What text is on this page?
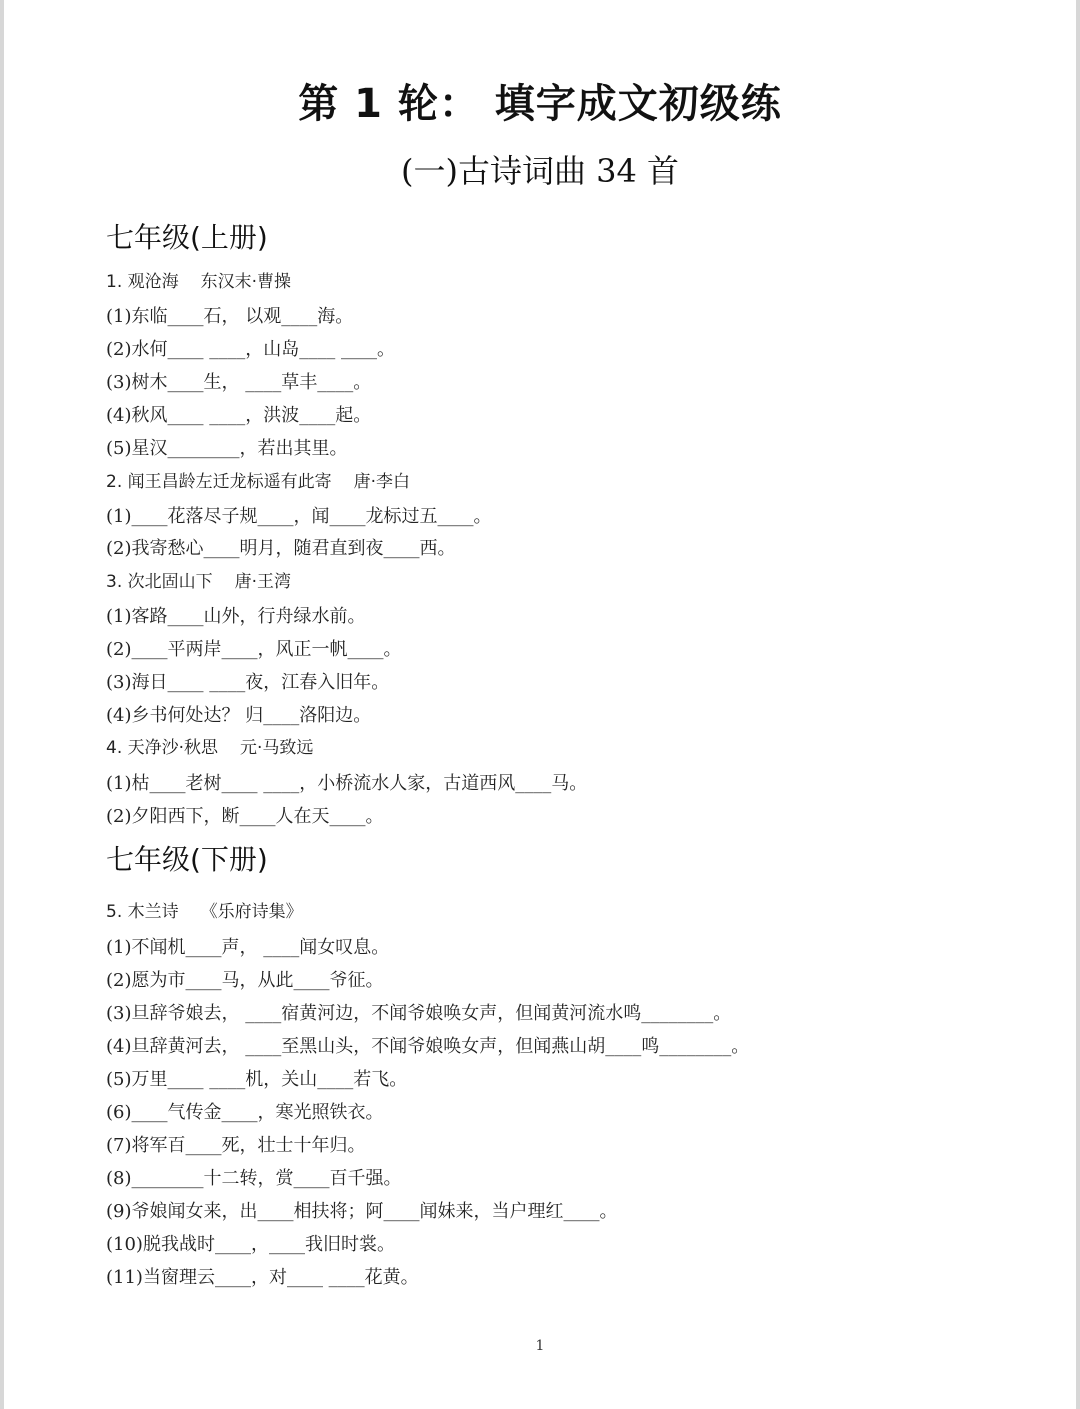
第 1 轮： 填字成文初级练
(一)古诗词曲 34 首
七年级(上册)
1. 观沧海 东汉末·曹操
(1)东临____石， 以观____海。
(2)水何____ ____，山岛____ ____。
(3)树木____生， ____草丰____。
(4)秋风____ ____，洪波____起。
(5)星汉________，若出其里。
2. 闻王昌龄左迁龙标遥有此寄 唐·李白
(1)____花落尽子规____，闻____龙标过五____。
(2)我寄愁心____明月，随君直到夜____西。
3. 次北固山下 唐·王湾
(1)客路____山外，行舟绿水前。
(2)____平两岸____，风正一帆____。
(3)海日____ ____夜，江春入旧年。
(4)乡书何处达？ 归____洛阳边。
4. 天净沙·秋思 元·马致远
(1)枯____老树____ ____，小桥流水人家，古道西风____马。
(2)夕阳西下，断____人在天____。
七年级(下册)
5. 木兰诗 《乐府诗集》
(1)不闻机____声， ____闻女叹息。
(2)愿为市____马，从此____爷征。
(3)旦辞爷娘去， ____宿黄河边，不闻爷娘唤女声，但闻黄河流水鸣________。
(4)旦辞黄河去， ____至黑山头，不闻爷娘唤女声，但闻燕山胡____鸣________。
(5)万里____ ____机，关山____若飞。
(6)____气传金____，寒光照铁衣。
(7)将军百____死，壮士十年归。
(8)________十二转，赏____百千强。
(9)爷娘闻女来，出____相扶将；阿____闻妹来，当户理红____。
(10)脱我战时____，____我旧时裳。
(11)当窗理云____，对____ ____花黄。
1
